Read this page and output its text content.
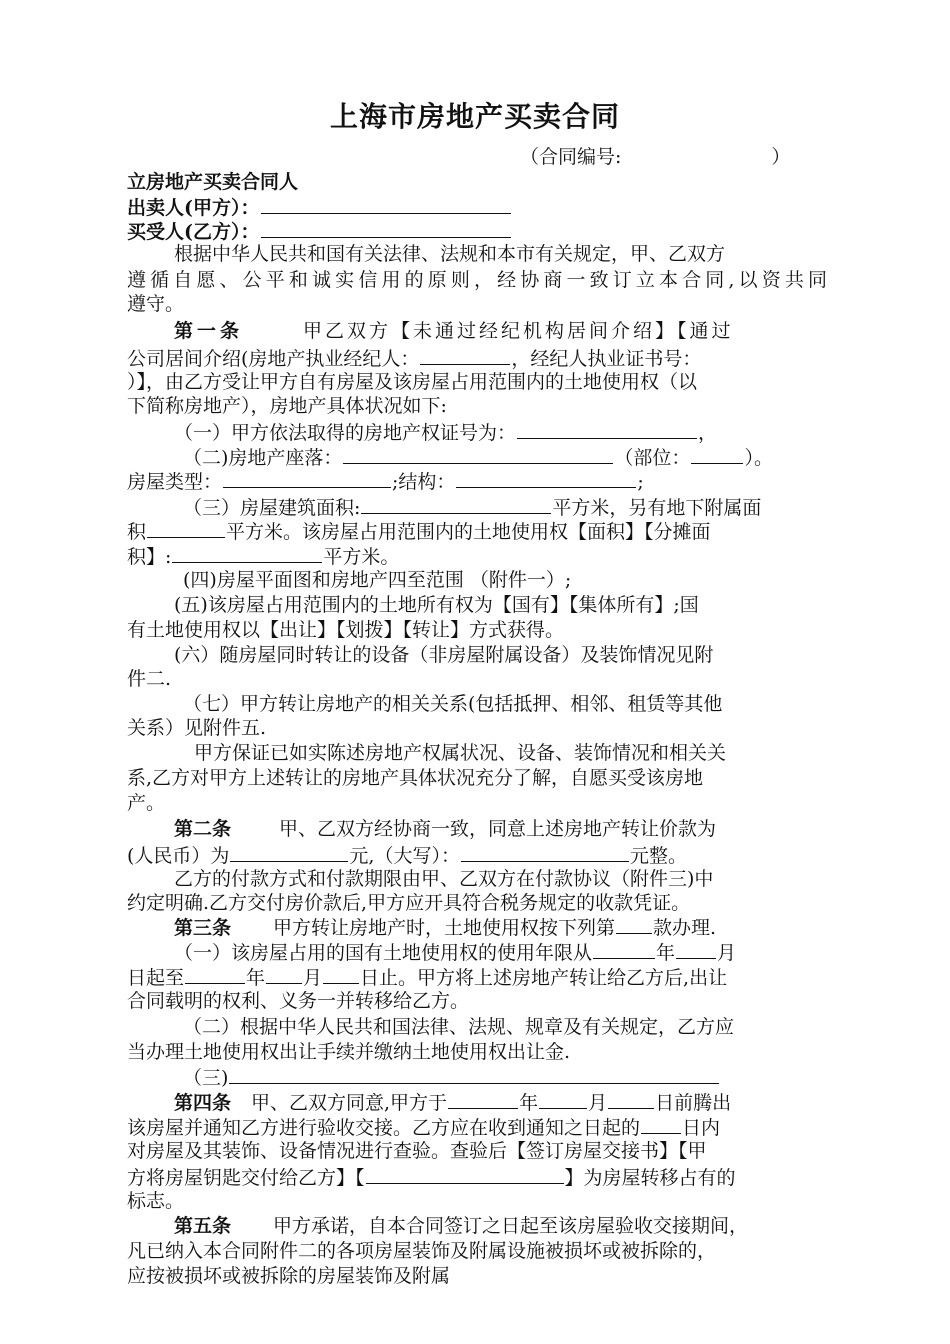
上海市房地产买卖合同
（合同编号:	）
立房地产买卖合同人
出卖人(甲方）：
买受人(乙方）：
根据中华人民共和国有关法律、法规和本市有关规定，甲、乙双方
遵循自愿、公平和诚实信用的原则，经协商一致订立本合同,以资共同
遵守。
第一条	甲乙双方【未通过经纪机构居间介绍】【通过
公司居间介绍(房地产执业经纪人：	，经纪人执业证书号：
）】，由乙方受让甲方自有房屋及该房屋占用范围内的土地使用权（以
下简称房地产），房地产具体状况如下:
（一）甲方依法取得的房地产权证号为：	，
（二)房地产座落：	（部位：	）。
房屋类型：	;结构：	;
（三）房屋建筑面积:	平方米，另有地下附属面
积	平方米。该房屋占用范围内的土地使用权【面积】【分摊面
积】:	平方米。
(四)房屋平面图和房地产四至范围 （附件一）;
(五)该房屋占用范围内的土地所有权为【国有】【集体所有】;国
有土地使用权以【出让】【划拨】【转让】方式获得。
(六）随房屋同时转让的设备（非房屋附属设备）及装饰情况见附
件二.
（七）甲方转让房地产的相关关系(包括抵押、相邻、租赁等其他
关系）见附件五.
甲方保证已如实陈述房地产权属状况、设备、装饰情况和相关关
系,乙方对甲方上述转让的房地产具体状况充分了解，自愿买受该房地
产。
第二条	甲、乙双方经协商一致，同意上述房地产转让价款为
(人民币）为	元,（大写）：	元整。
乙方的付款方式和付款期限由甲、乙双方在付款协议（附件三)中
约定明确.乙方交付房价款后,甲方应开具符合税务规定的收款凭证。
第三条 甲方转让房地产时，土地使用权按下列第 款办理.
（一）该房屋占用的国有土地使用权的使用年限从	年 月
日起至	年 月 日止。甲方将上述房地产转让给乙方后,出让
合同载明的权利、义务一并转移给乙方。
（二）根据中华人民共和国法律、法规、规章及有关规定，乙方应
当办理土地使用权出让手续并缴纳土地使用权出让金.
（三)
第四条 甲、乙双方同意,甲方于	年	月	日前腾出
该房屋并通知乙方进行验收交接。乙方应在收到通知之日起的 日内
对房屋及其装饰、设备情况进行查验。查验后【签订房屋交接书】【甲
方将房屋钥匙交付给乙方】【	】为房屋转移占有的
标志。
第五条 甲方承诺，自本合同签订之日起至该房屋验收交接期间，
凡已纳入本合同附件二的各项房屋装饰及附属设施被损坏或被拆除的，
应按被损坏或被拆除的房屋装饰及附属
